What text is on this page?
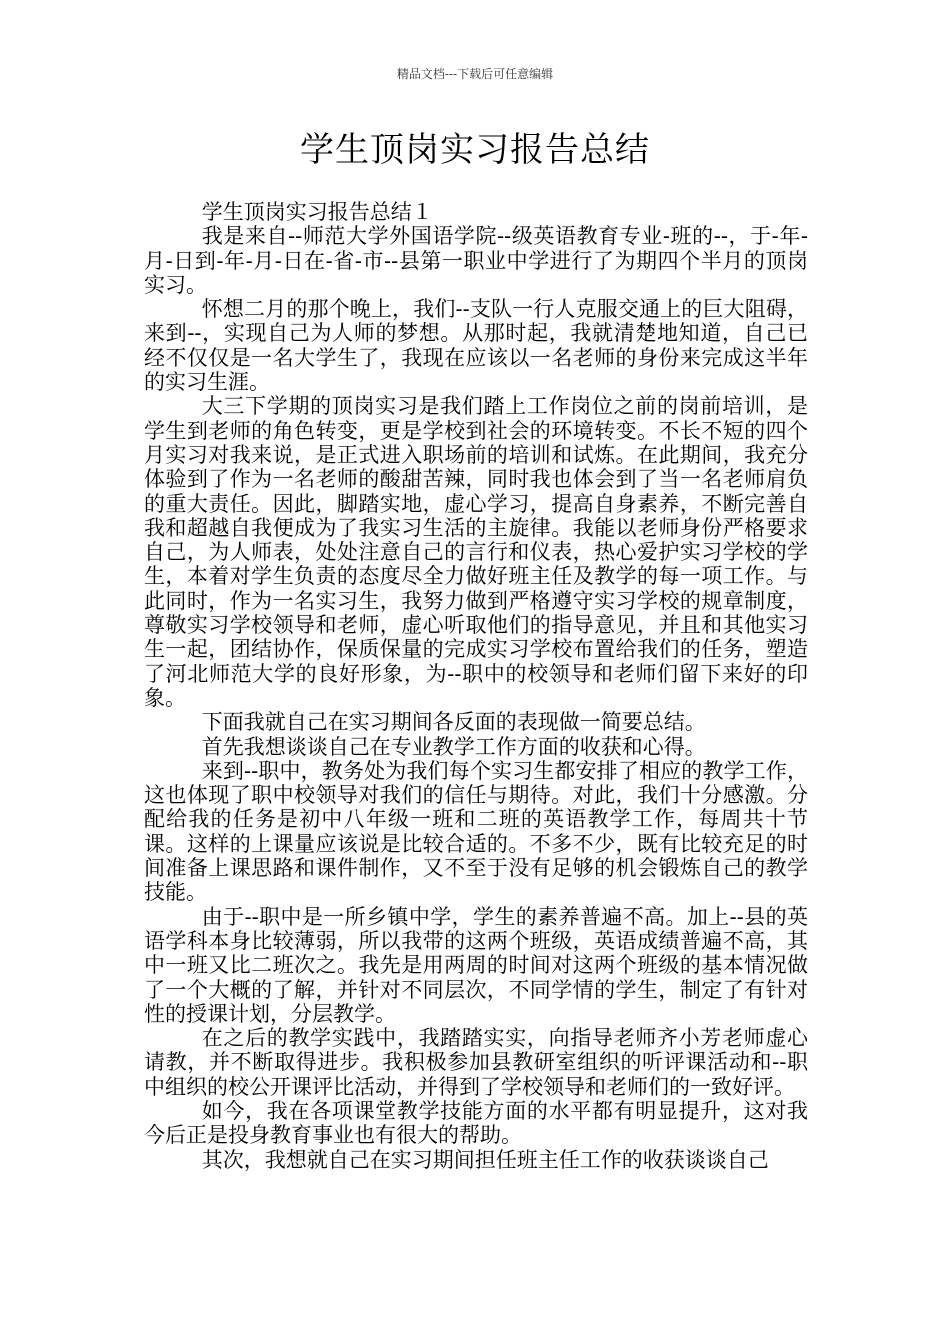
精品文档---下载后可任意编辑
学生顶岗实习报告总结

学生顶岗实习报告总结１

我是来自--师范大学外国语学院--级英语教育专业-班的--，于-年-月-日到-年-月-日在-省-市--县第一职业中学进行了为期四个半月的顶岗实习。

怀想二月的那个晚上，我们--支队一行人克服交通上的巨大阻碍，来到--，实现自己为人师的梦想。从那时起，我就清楚地知道，自己已经不仅仅是一名大学生了，我现在应该以一名老师的身份来完成这半年的实习生涯。

大三下学期的顶岗实习是我们踏上工作岗位之前的岗前培训，是学生到老师的角色转变，更是学校到社会的环境转变。不长不短的四个月实习对我来说，是正式进入职场前的培训和试炼。在此期间，我充分体验到了作为一名老师的酸甜苦辣，同时我也体会到了当一名老师肩负的重大责任。因此，脚踏实地，虚心学习，提高自身素养，不断完善自我和超越自我便成为了我实习生活的主旋律。我能以老师身份严格要求自己，为人师表，处处注意自己的言行和仪表，热心爱护实习学校的学生，本着对学生负责的态度尽全力做好班主任及教学的每一项工作。与此同时，作为一名实习生，我努力做到严格遵守实习学校的规章制度，尊敬实习学校领导和老师，虚心听取他们的指导意见，并且和其他实习生一起，团结协作，保质保量的完成实习学校布置给我们的任务，塑造了河北师范大学的良好形象，为--职中的校领导和老师们留下来好的印象。

下面我就自己在实习期间各反面的表现做一简要总结。

首先我想谈谈自己在专业教学工作方面的收获和心得。

来到--职中，教务处为我们每个实习生都安排了相应的教学工作，这也体现了职中校领导对我们的信任与期待。对此，我们十分感激。分配给我的任务是初中八年级一班和二班的英语教学工作，每周共十节课。这样的上课量应该说是比较合适的。不多不少，既有比较充足的时间准备上课思路和课件制作，又不至于没有足够的机会锻炼自己的教学技能。

由于--职中是一所乡镇中学，学生的素养普遍不高。加上--县的英语学科本身比较薄弱，所以我带的这两个班级，英语成绩普遍不高，其中一班又比二班次之。我先是用两周的时间对这两个班级的基本情况做了一个大概的了解，并针对不同层次，不同学情的学生，制定了有针对性的授课计划，分层教学。

在之后的教学实践中，我踏踏实实，向指导老师齐小芳老师虚心请教，并不断取得进步。我积极参加县教研室组织的听评课活动和--职中组织的校公开课评比活动，并得到了学校领导和老师们的一致好评。

如今，我在各项课堂教学技能方面的水平都有明显提升，这对我今后正是投身教育事业也有很大的帮助。

其次，我想就自己在实习期间担任班主任工作的收获谈谈自己
